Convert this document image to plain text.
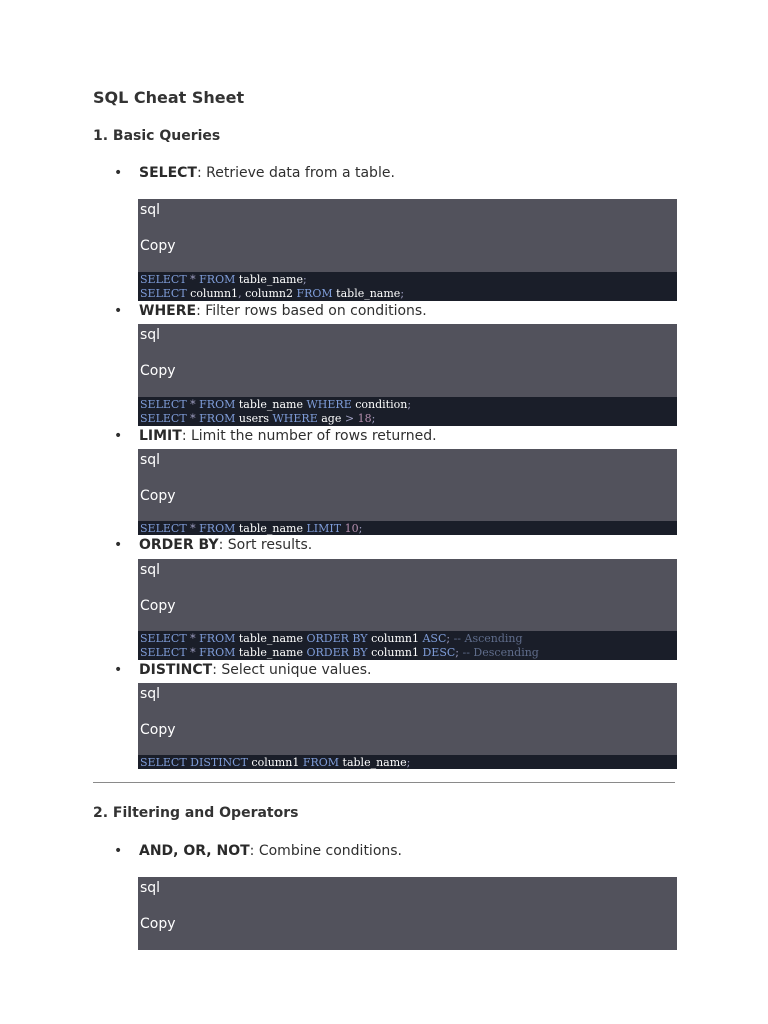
SQL Cheat Sheet
1. Basic Queries
• SELECT: Retrieve data from a table.
sql
Copy
SELECT * FROM table_name;
SELECT column1, column2 FROM table_name;
• WHERE: Filter rows based on conditions.
sql
Copy
SELECT * FROM table_name WHERE condition;
SELECT * FROM users WHERE age > 18;
• LIMIT: Limit the number of rows returned.
sql
Copy
SELECT * FROM table_name LIMIT 10;
• ORDER BY: Sort results.
sql
Copy
SELECT * FROM table_name ORDER BY column1 ASC; -- Ascending
SELECT * FROM table_name ORDER BY column1 DESC; -- Descending
• DISTINCT: Select unique values.
sql
Copy
SELECT DISTINCT column1 FROM table_name;
2. Filtering and Operators
• AND, OR, NOT: Combine conditions.
sql
Copy
